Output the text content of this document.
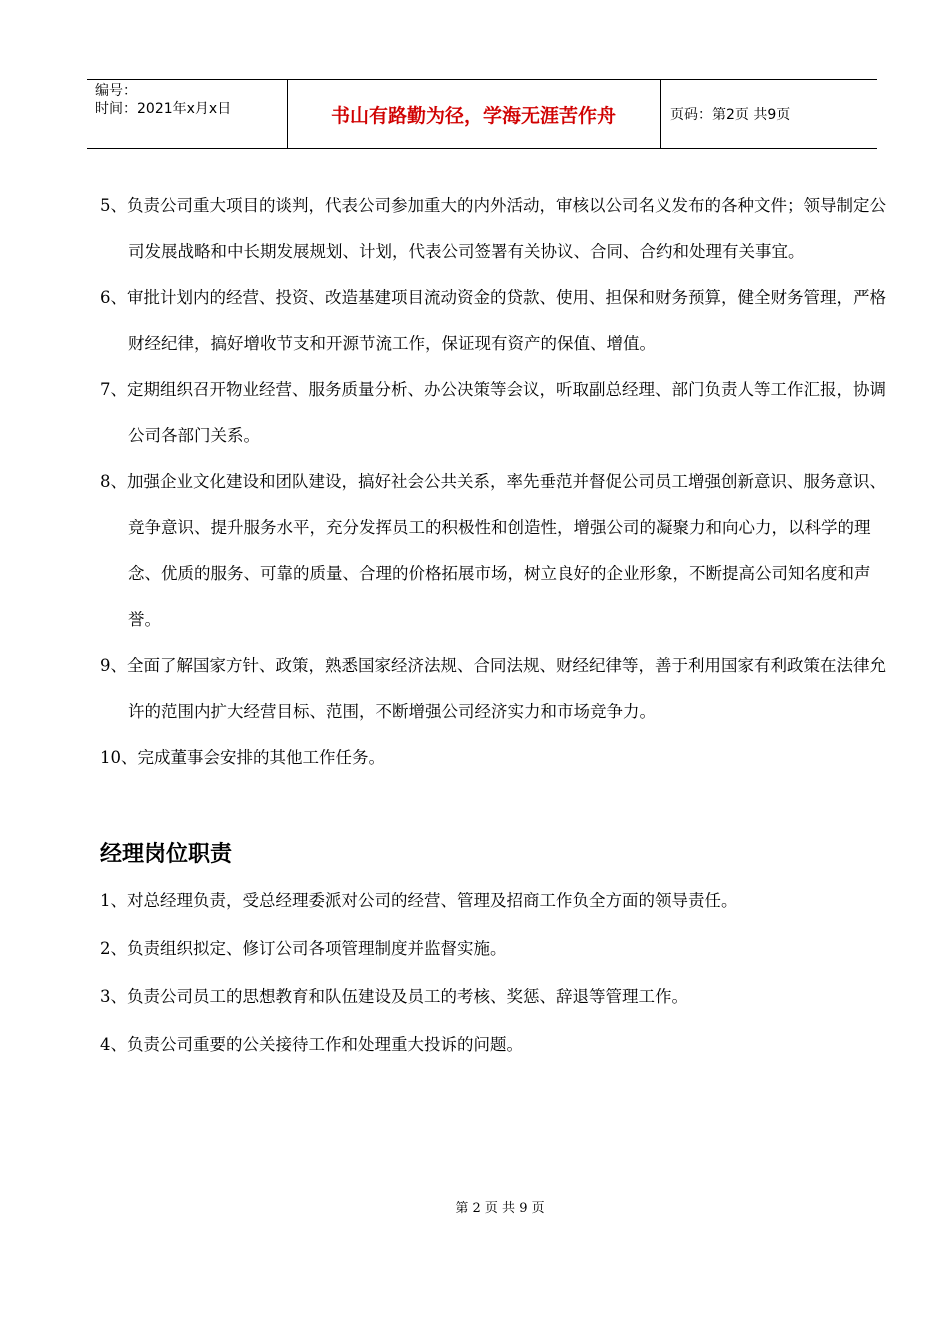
编号：
时间：2021年x月x日	书山有路勤为径，学海无涯苦作舟	页码：第2页 共9页

5、负责公司重大项目的谈判，代表公司参加重大的内外活动，审核以公司名义发布的各种文件；领导制定公司发展战略和中长期发展规划、计划，代表公司签署有关协议、合同、合约和处理有关事宜。

6、审批计划内的经营、投资、改造基建项目流动资金的贷款、使用、担保和财务预算，健全财务管理，严格财经纪律，搞好增收节支和开源节流工作，保证现有资产的保值、增值。

7、定期组织召开物业经营、服务质量分析、办公决策等会议，听取副总经理、部门负责人等工作汇报，协调公司各部门关系。

8、加强企业文化建设和团队建设，搞好社会公共关系，率先垂范并督促公司员工增强创新意识、服务意识、竞争意识、提升服务水平，充分发挥员工的积极性和创造性，增强公司的凝聚力和向心力，以科学的理念、优质的服务、可靠的质量、合理的价格拓展市场，树立良好的企业形象，不断提高公司知名度和声誉。

9、全面了解国家方针、政策，熟悉国家经济法规、合同法规、财经纪律等，善于利用国家有利政策在法律允许的范围内扩大经营目标、范围，不断增强公司经济实力和市场竞争力。

10、完成董事会安排的其他工作任务。

经理岗位职责

1、对总经理负责，受总经理委派对公司的经营、管理及招商工作负全方面的领导责任。

2、负责组织拟定、修订公司各项管理制度并监督实施。

3、负责公司员工的思想教育和队伍建设及员工的考核、奖惩、辞退等管理工作。

4、负责公司重要的公关接待工作和处理重大投诉的问题。

第 2 页 共 9 页
